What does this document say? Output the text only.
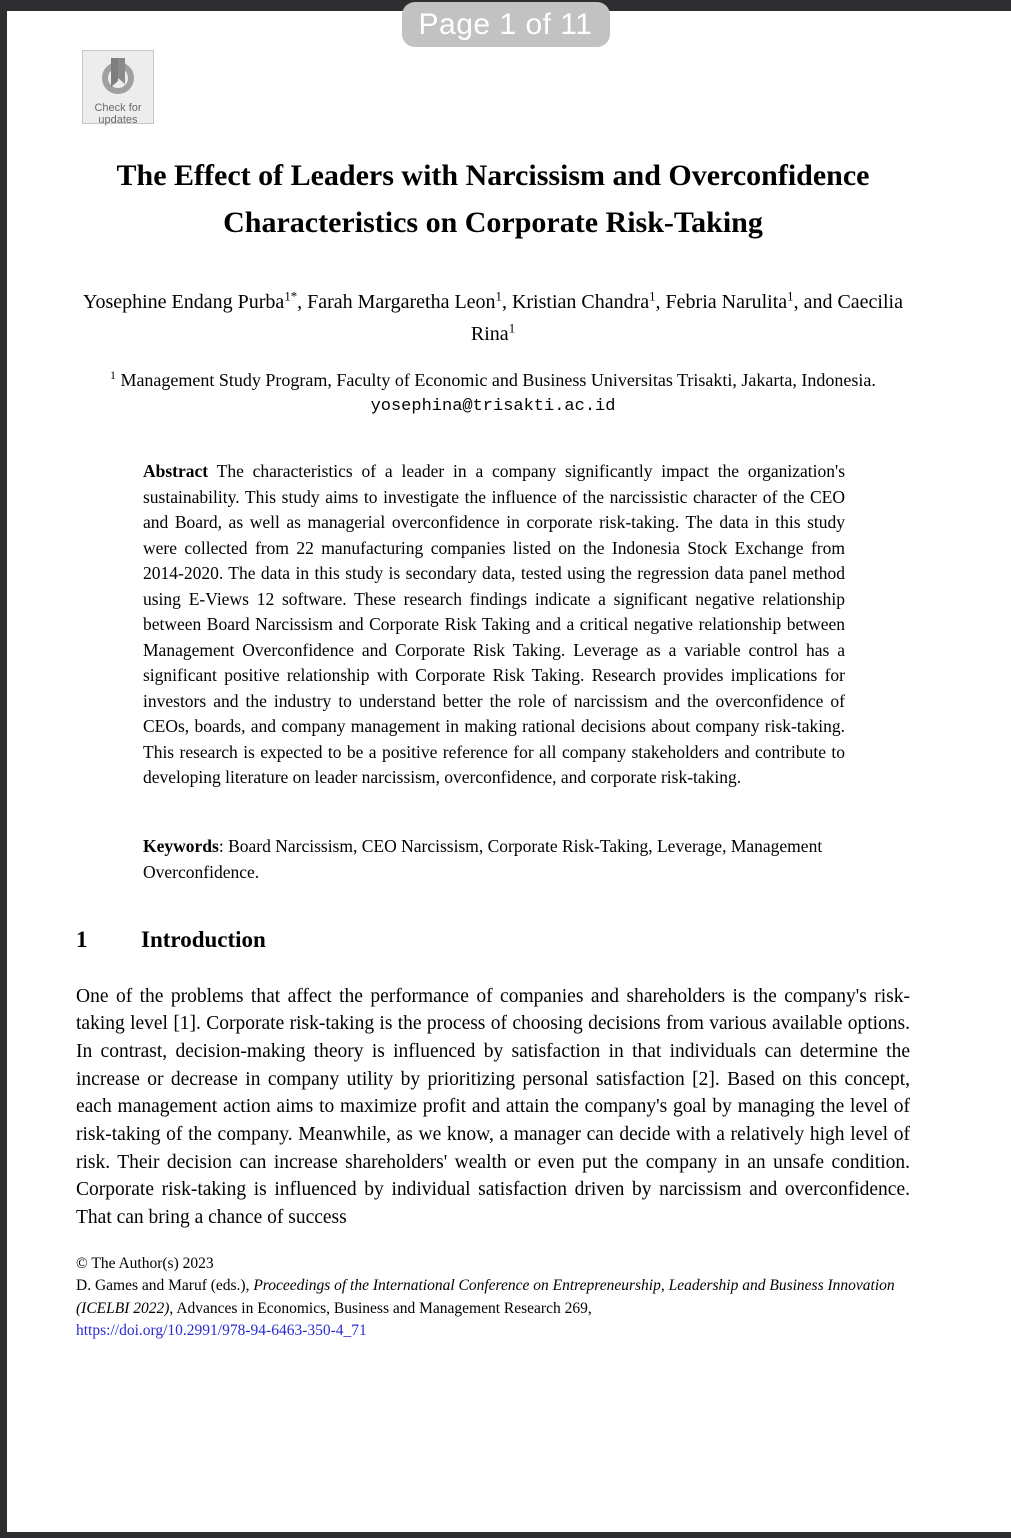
Page 1 of 11
Check for
updates
The Effect of Leaders with Narcissism and Overconfidence
Characteristics on Corporate Risk-Taking
Yosephine Endang Purba$^{1*}$, Farah Margaretha Leon$^1$, Kristian Chandra$^1$, Febria Narulita$^1$, and Caecilia Rina$^1$
$^1$ Management Study Program, Faculty of Economic and Business Universitas Trisakti, Jakarta, Indonesia.
yosephina@trisakti.ac.id

Abstract The characteristics of a leader in a company significantly impact the organization's sustainability. This study aims to investigate the influence of the narcissistic character of the CEO and Board, as well as managerial overconfidence in corporate risk-taking. The data in this study were collected from 22 manufacturing companies listed on the Indonesia Stock Exchange from 2014-2020. The data in this study is secondary data, tested using the regression data panel method using E-Views 12 software. These research findings indicate a significant negative relationship between Board Narcissism and Corporate Risk Taking and a critical negative relationship between Management Overconfidence and Corporate Risk Taking. Leverage as a variable control has a significant positive relationship with Corporate Risk Taking. Research provides implications for investors and the industry to understand better the role of narcissism and the overconfidence of CEOs, boards, and company management in making rational decisions about company risk-taking. This research is expected to be a positive reference for all company stakeholders and contribute to developing literature on leader narcissism, overconfidence, and corporate risk-taking.

Keywords: Board Narcissism, CEO Narcissism, Corporate Risk-Taking, Leverage, Management Overconfidence.

1	Introduction

One of the problems that affect the performance of companies and shareholders is the company's risk-taking level [1]. Corporate risk-taking is the process of choosing decisions from various available options. In contrast, decision-making theory is influenced by satisfaction in that individuals can determine the increase or decrease in company utility by prioritizing personal satisfaction [2]. Based on this concept, each management action aims to maximize profit and attain the company's goal by managing the level of risk-taking of the company. Meanwhile, as we know, a manager can decide with a relatively high level of risk. Their decision can increase shareholders' wealth or even put the company in an unsafe condition. Corporate risk-taking is influenced by individual satisfaction driven by narcissism and overconfidence. That can bring a chance of success

© The Author(s) 2023
D. Games and Maruf (eds.), Proceedings of the International Conference on Entrepreneurship, Leadership and Business Innovation (ICELBI 2022), Advances in Economics, Business and Management Research 269,
https://doi.org/10.2991/978-94-6463-350-4_71
